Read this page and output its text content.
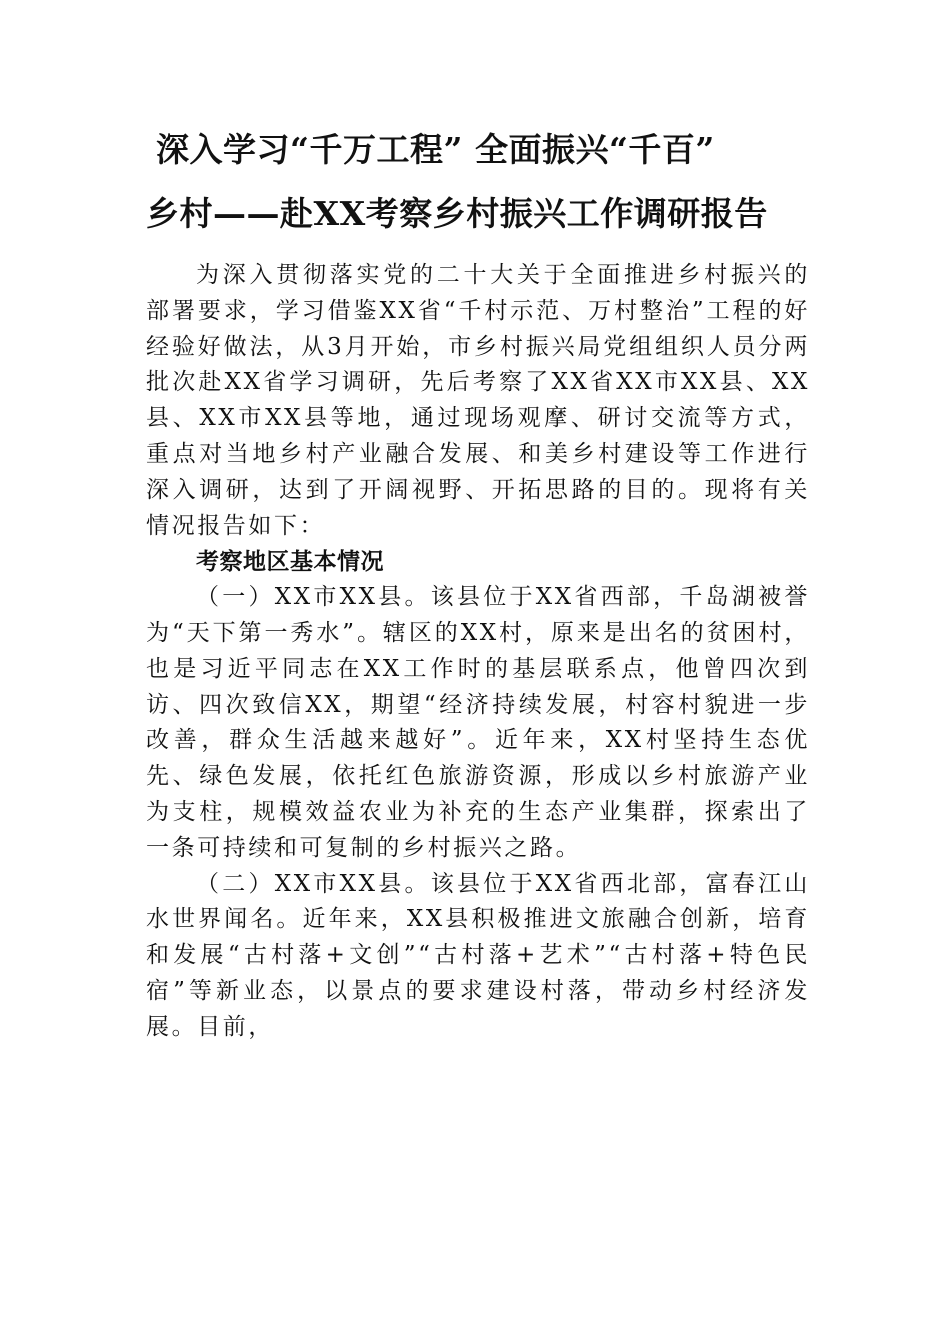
深入学习“千万工程” 全面振兴“千百”
乡村——赴XX考察乡村振兴工作调研报告

为深入贯彻落实党的二十大关于全面推进乡村振兴的部署要求，学习借鉴XX省“千村示范、万村整治”工程的好经验好做法，从3月开始，市乡村振兴局党组组织人员分两批次赴XX省学习调研，先后考察了XX省XX市XX县、XX县、XX市XX县等地，通过现场观摩、研讨交流等方式，重点对当地乡村产业融合发展、和美乡村建设等工作进行深入调研，达到了开阔视野、开拓思路的目的。现将有关情况报告如下：

考察地区基本情况

（一）XX市XX县。该县位于XX省西部，千岛湖被誉为“天下第一秀水”。辖区的XX村，原来是出名的贫困村，也是习近平同志在XX工作时的基层联系点，他曾四次到访、四次致信XX，期望“经济持续发展，村容村貌进一步改善，群众生活越来越好”。近年来，XX村坚持生态优先、绿色发展，依托红色旅游资源，形成以乡村旅游产业为支柱，规模效益农业为补充的生态产业集群，探索出了一条可持续和可复制的乡村振兴之路。

（二）XX市XX县。该县位于XX省西北部，富春江山水世界闻名。近年来，XX县积极推进文旅融合创新，培育和发展“古村落+文创”“古村落+艺术”“古村落+特色民宿”等新业态，以景点的要求建设村落，带动乡村经济发展。目前，
